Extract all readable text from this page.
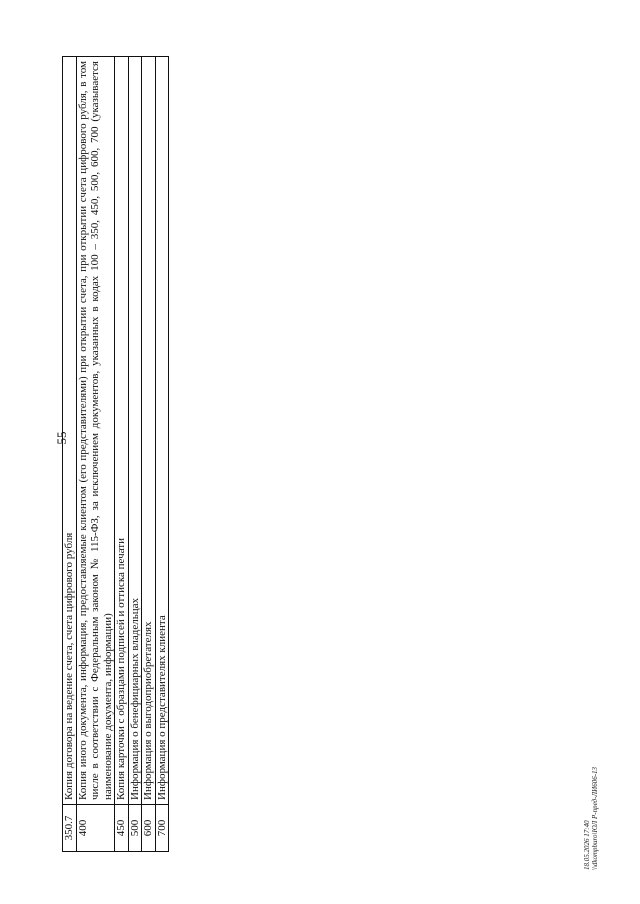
55
350.7	Копия договора на ведение счета, счета цифрового рубля
400	Копия иного документа, информация, предоставляемые клиентом (его представителями) при открытии счета, при открытии счета цифрового рубля, в том числе в соответствии с Федеральным законом № 115-ФЗ, за исключением документов, указанных в кодах 100 – 350, 450, 500, 600, 700 (указывается наименование документа, информации)
450	Копия карточки с образцами подписей и оттиска печати
500	Информация о бенефициарных владельцах
600	Информация о выгодоприобретателях
700	Информация о представителях клиента
18.05.2026 17:40 \\dkompburo\ЮЛ Р-пред-ЛИ606-13
